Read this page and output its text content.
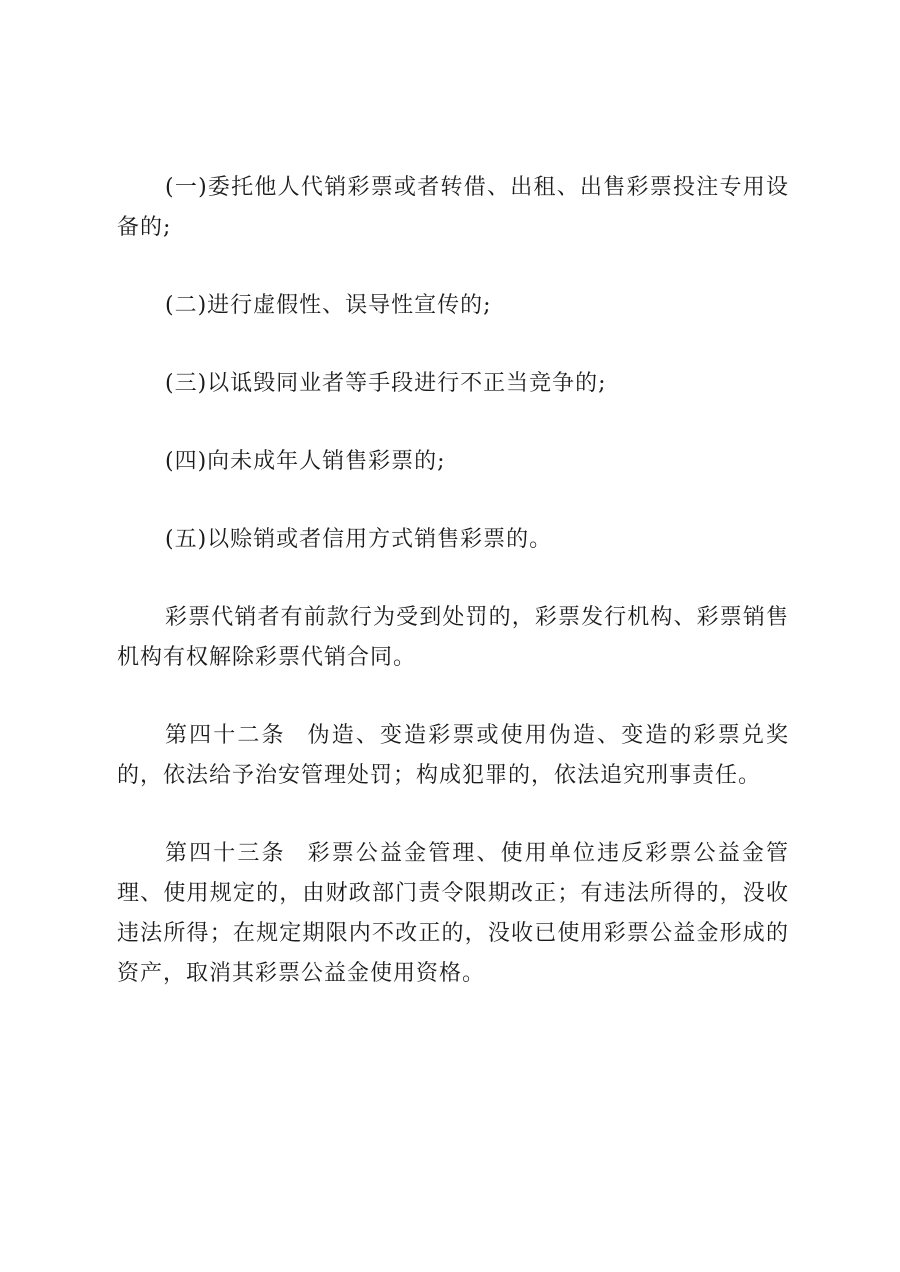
(一)委托他人代销彩票或者转借、出租、出售彩票投注专用设备的;

(二)进行虚假性、误导性宣传的;

(三)以诋毁同业者等手段进行不正当竞争的;

(四)向未成年人销售彩票的;

(五)以赊销或者信用方式销售彩票的。

彩票代销者有前款行为受到处罚的，彩票发行机构、彩票销售机构有权解除彩票代销合同。

第四十二条 伪造、变造彩票或使用伪造、变造的彩票兑奖的，依法给予治安管理处罚；构成犯罪的，依法追究刑事责任。

第四十三条 彩票公益金管理、使用单位违反彩票公益金管理、使用规定的，由财政部门责令限期改正；有违法所得的，没收违法所得；在规定期限内不改正的，没收已使用彩票公益金形成的资产，取消其彩票公益金使用资格。
